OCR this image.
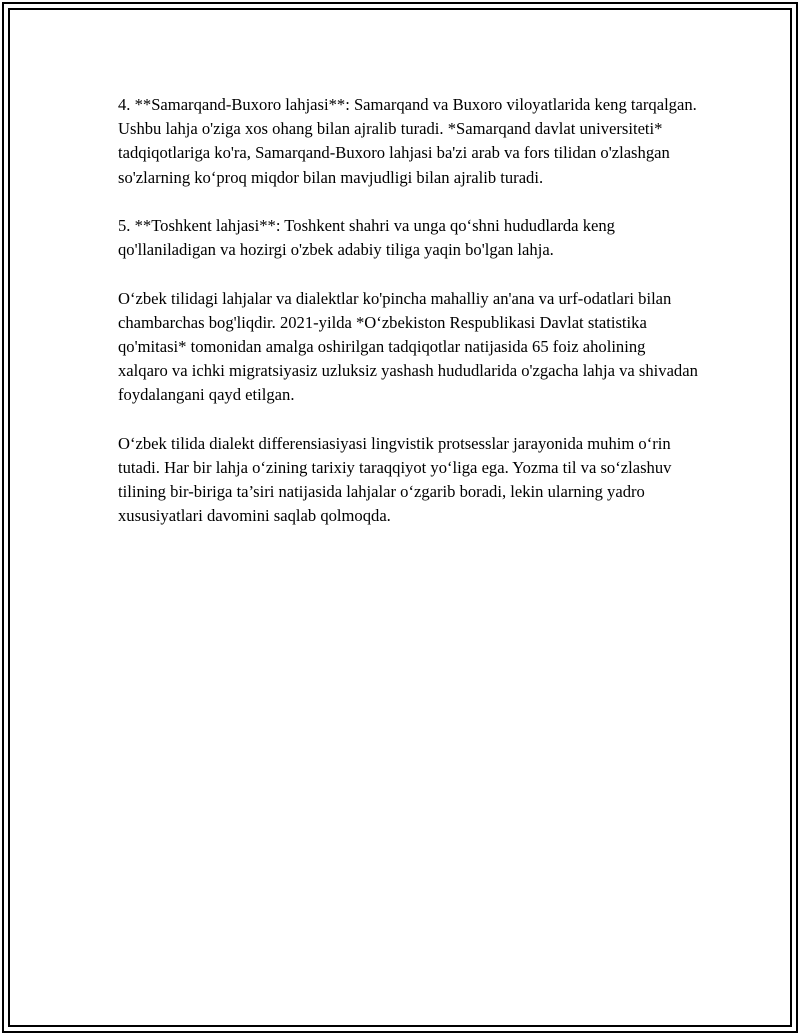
4. **Samarqand-Buxoro lahjasi**: Samarqand va Buxoro viloyatlarida keng tarqalgan. Ushbu lahja o'ziga xos ohang bilan ajralib turadi. *Samarqand davlat universiteti* tadqiqotlariga ko'ra, Samarqand-Buxoro lahjasi ba'zi arab va fors tilidan o'zlashgan so'zlarning ko‘proq miqdor bilan mavjudligi bilan ajralib turadi.

5. **Toshkent lahjasi**: Toshkent shahri va unga qo‘shni hududlarda keng qo'llaniladigan va hozirgi o'zbek adabiy tiliga yaqin bo'lgan lahja.

O‘zbek tilidagi lahjalar va dialektlar ko'pincha mahalliy an'ana va urf-odatlari bilan chambarchas bog'liqdir. 2021-yilda *O‘zbekiston Respublikasi Davlat statistika qo'mitasi* tomonidan amalga oshirilgan tadqiqotlar natijasida 65 foiz aholining xalqaro va ichki migratsiyasiz uzluksiz yashash hududlarida o'zgacha lahja va shivadan foydalangani qayd etilgan.

O‘zbek tilida dialekt differensiasiyasi lingvistik protsesslar jarayonida muhim o‘rin tutadi. Har bir lahja o‘zining tarixiy taraqqiyot yo‘liga ega. Yozma til va so‘zlashuv tilining bir-biriga ta’siri natijasida lahjalar o‘zgarib boradi, lekin ularning yadro xususiyatlari davomini saqlab qolmoqda.
